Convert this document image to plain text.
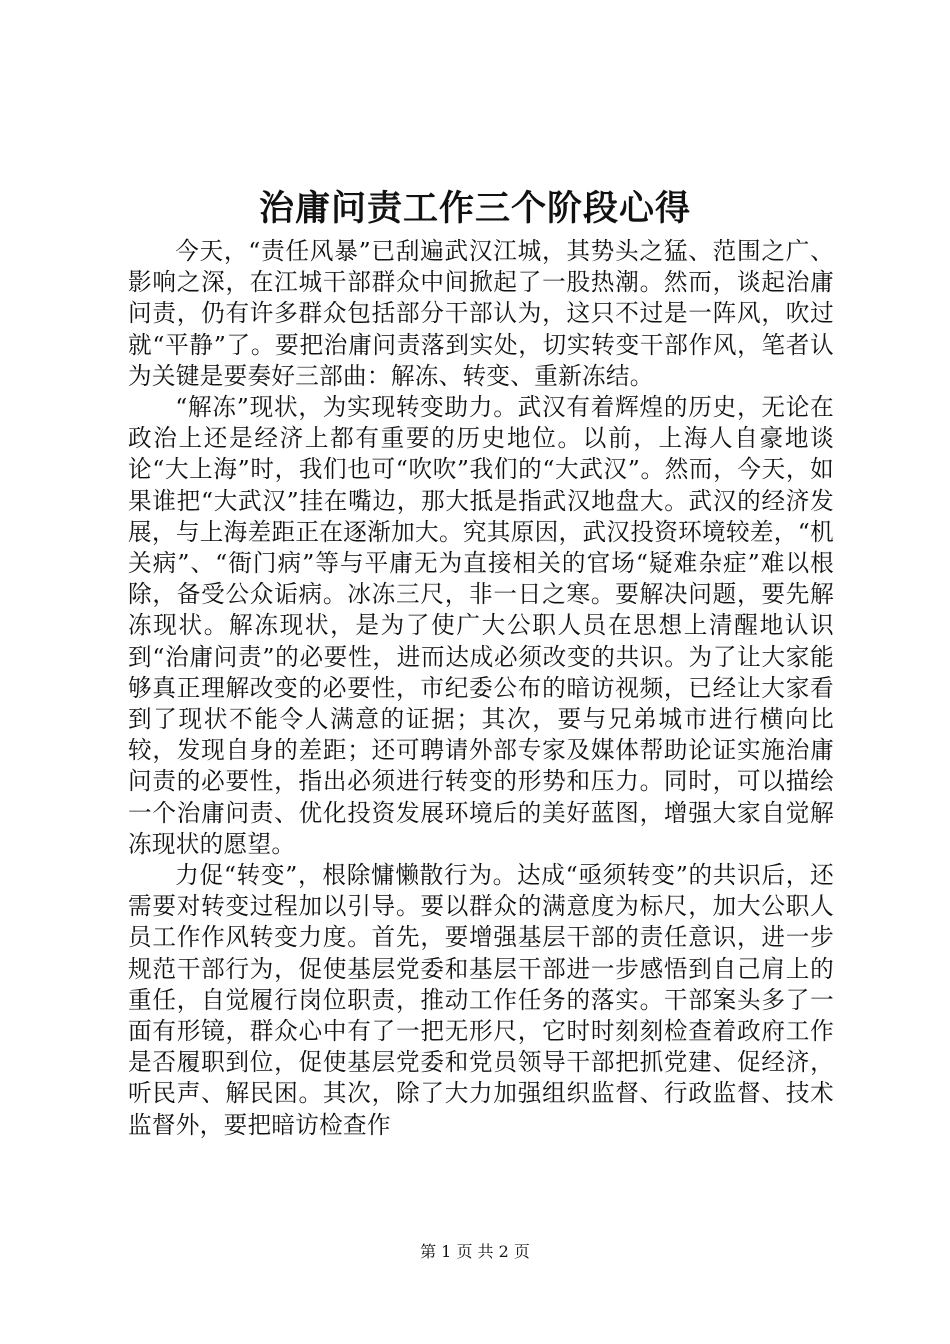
治庸问责工作三个阶段心得

今天，“责任风暴”已刮遍武汉江城，其势头之猛、范围之广、影响之深，在江城干部群众中间掀起了一股热潮。然而，谈起治庸问责，仍有许多群众包括部分干部认为，这只不过是一阵风，吹过就“平静”了。要把治庸问责落到实处，切实转变干部作风，笔者认为关键是要奏好三部曲：解冻、转变、重新冻结。

“解冻”现状，为实现转变助力。武汉有着辉煌的历史，无论在政治上还是经济上都有重要的历史地位。以前，上海人自豪地谈论“大上海”时，我们也可“吹吹”我们的“大武汉”。然而，今天，如果谁把“大武汉”挂在嘴边，那大抵是指武汉地盘大。武汉的经济发展，与上海差距正在逐渐加大。究其原因，武汉投资环境较差，“机关病”、“衙门病”等与平庸无为直接相关的官场“疑难杂症”难以根除，备受公众诟病。冰冻三尺，非一日之寒。要解决问题，要先解冻现状。解冻现状，是为了使广大公职人员在思想上清醒地认识到“治庸问责”的必要性，进而达成必须改变的共识。为了让大家能够真正理解改变的必要性，市纪委公布的暗访视频，已经让大家看到了现状不能令人满意的证据；其次，要与兄弟城市进行横向比较，发现自身的差距；还可聘请外部专家及媒体帮助论证实施治庸问责的必要性，指出必须进行转变的形势和压力。同时，可以描绘一个治庸问责、优化投资发展环境后的美好蓝图，增强大家自觉解冻现状的愿望。

力促“转变”，根除慵懒散行为。达成“亟须转变”的共识后，还需要对转变过程加以引导。要以群众的满意度为标尺，加大公职人员工作作风转变力度。首先，要增强基层干部的责任意识，进一步规范干部行为，促使基层党委和基层干部进一步感悟到自己肩上的重任，自觉履行岗位职责，推动工作任务的落实。干部案头多了一面有形镜，群众心中有了一把无形尺，它时时刻刻检查着政府工作是否履职到位，促使基层党委和党员领导干部把抓党建、促经济，听民声、解民困。其次，除了大力加强组织监督、行政监督、技术监督外，要把暗访检查作

第 1 页 共 2 页
